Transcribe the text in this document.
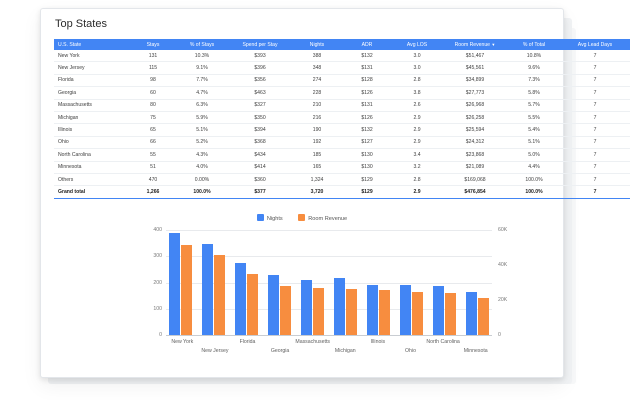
Top States
U.S. State	Stays	% of Stays	Spend per Stay	Nights	ADR	Avg LOS	Room Revenue ▼	% of Total	Avg Lead Days
New York	131	10.3%	$393	388	$132	3.0	$51,467	10.8%	7
New Jersey	115	9.1%	$396	348	$131	3.0	$45,561	9.6%	7
Florida	98	7.7%	$356	274	$128	2.8	$34,899	7.3%	7
Georgia	60	4.7%	$463	228	$126	3.8	$27,773	5.8%	7
Massachusetts	80	6.3%	$327	210	$131	2.6	$26,968	5.7%	7
Michigan	75	5.9%	$350	216	$126	2.9	$26,258	5.5%	7
Illinois	65	5.1%	$394	190	$132	2.9	$25,594	5.4%	7
Ohio	66	5.2%	$368	192	$127	2.9	$24,312	5.1%	7
North Carolina	55	4.3%	$434	185	$130	3.4	$23,868	5.0%	7
Minnesota	51	4.0%	$414	165	$130	3.2	$21,089	4.4%	7
Others	470	0.00%	$360	1,324	$129	2.8	$169,068	100.0%	7
Grand total	1,266	100.0%	$377	3,720	$129	2.9	$476,854	100.0%	7
Nights	Room Revenue
400
300
200
100
0
60K
40K
20K
0
New York
New Jersey
Florida
Georgia
Massachusetts
Michigan
Illinois
Ohio
North Carolina
Minnesota
